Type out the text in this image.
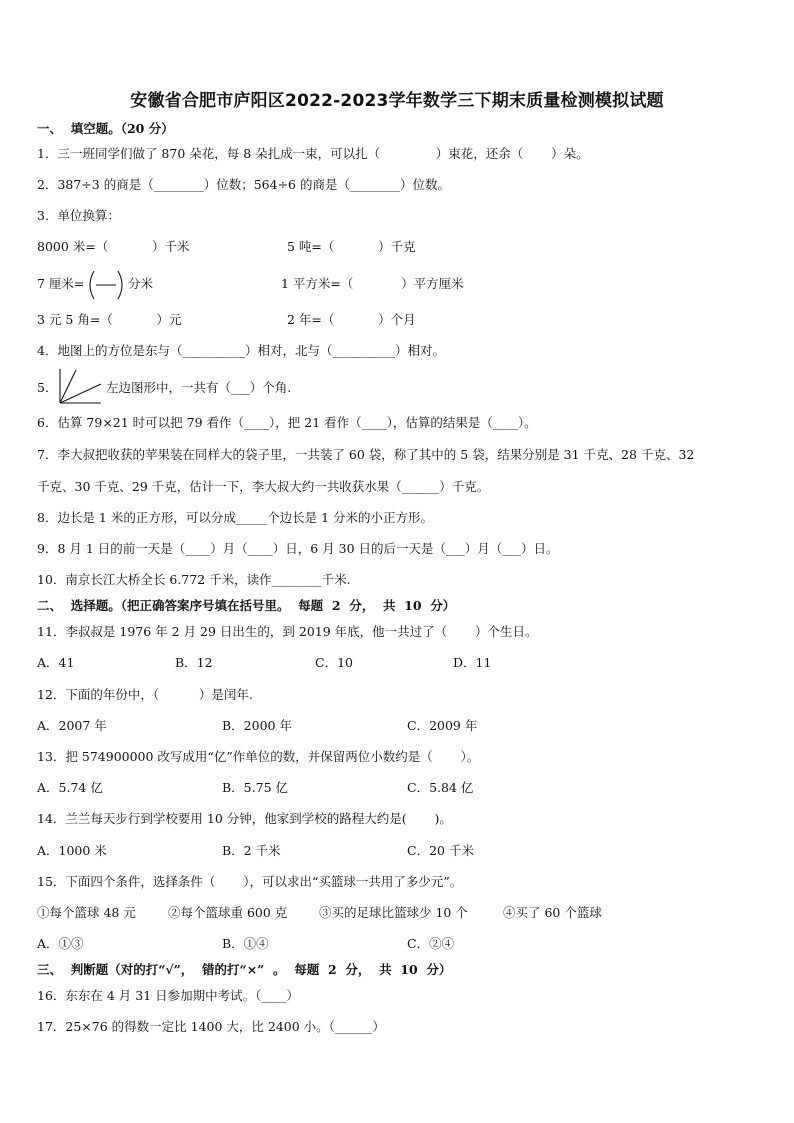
安徽省合肥市庐阳区2022-2023学年数学三下期末质量检测模拟试题
一、  填空题。（20 分）
1．三一班同学们做了 870 朵花，每 8 朵扎成一束，可以扎（              ）束花，还余（       ）朵。
2．387÷3 的商是（________）位数；564÷6 的商是（________）位数。
3．单位换算：
8000 米=（           ）千米	5 吨=（           ）千克
7 厘米=	分米	1 平方米=（            ）平方厘米
3 元 5 角=（           ）元	2 年=（           ）个月
4．地图上的方位是东与（__________）相对，北与（__________）相对。
5．	左边图形中，一共有（___）个角.
6．估算 79×21 时可以把 79 看作（____），把 21 看作（____），估算的结果是（____）。
7．李大叔把收获的苹果装在同样大的袋子里，一共装了 60 袋，称了其中的 5 袋，结果分别是 31 千克、28 千克、32
千克、30 千克、29 千克，估计一下，李大叔大约一共收获水果（______）千克。
8．边长是 1 米的正方形，可以分成_____个边长是 1 分米的小正方形。
9．8 月 1 日的前一天是（____）月（____）日，6 月 30 日的后一天是（___）月（___）日。
10．南京长江大桥全长 6.772 千米，读作________千米.
二、  选择题。（把正确答案序号填在括号里。  每题  2  分，  共  10  分）
11．李叔叔是 1976 年 2 月 29 日出生的，到 2019 年底，他一共过了（       ）个生日。
A．41	B．12	C．10	D．11
12．下面的年份中，（          ）是闰年.
A．2007 年	B．2000 年	C．2009 年
13．把 574900000 改写成用“亿”作单位的数，并保留两位小数约是（       ）。
A．5.74 亿	B．5.75 亿	C．5.84 亿
14．兰兰每天步行到学校要用 10 分钟，他家到学校的路程大约是(       )。
A．1000 米	B．2 千米	C．20 千米
15．下面四个条件，选择条件（       ），可以求出“买篮球一共用了多少元”。
①每个篮球 48 元	②每个篮球重 600 克	③买的足球比篮球少 10 个	④买了 60 个篮球
A．①③	B．①④	C．②④
三、  判断题（对的打“√”，  错的打“×”  。  每题  2  分，  共  10  分）
16．东东在 4 月 31 日参加期中考试。（____）
17．25×76 的得数一定比 1400 大，比 2400 小。（______）
